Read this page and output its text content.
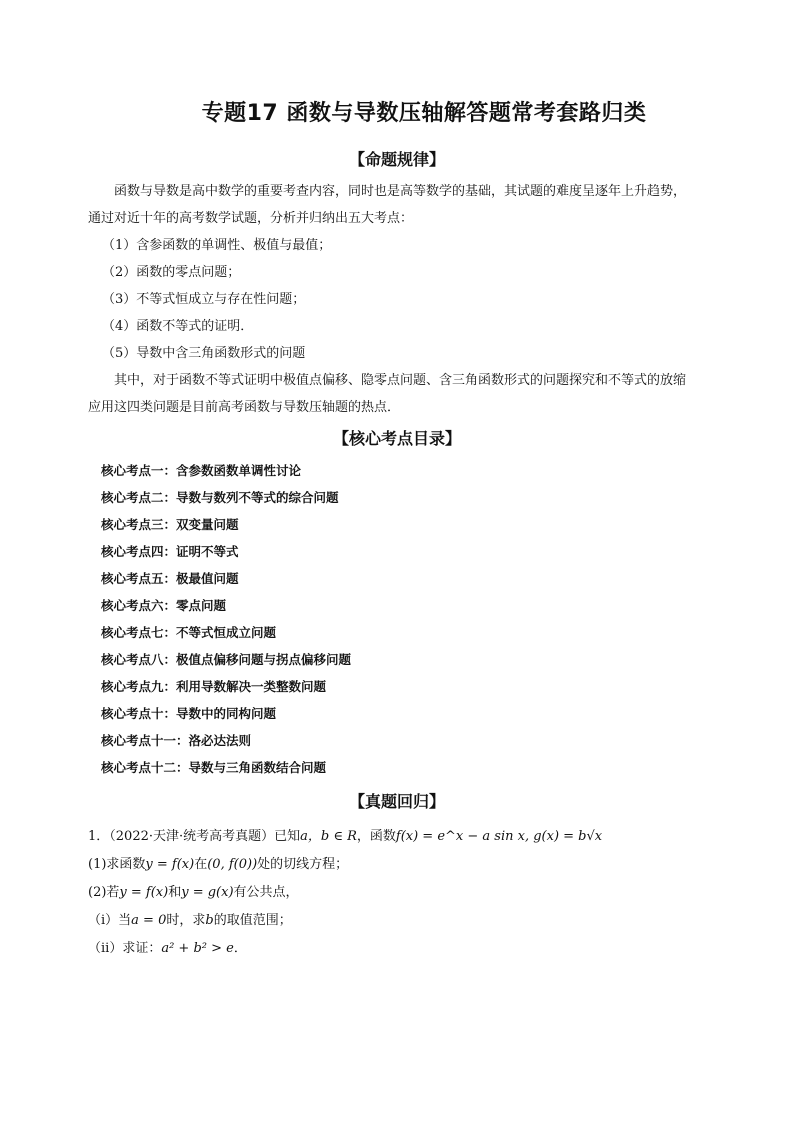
专题17 函数与导数压轴解答题常考套路归类
【命题规律】
函数与导数是高中数学的重要考查内容，同时也是高等数学的基础，其试题的难度呈逐年上升趋势，
通过对近十年的高考数学试题，分析并归纳出五大考点：
（1）含参函数的单调性、极值与最值；
（2）函数的零点问题；
（3）不等式恒成立与存在性问题；
（4）函数不等式的证明．
（5）导数中含三角函数形式的问题
其中，对于函数不等式证明中极值点偏移、隐零点问题、含三角函数形式的问题探究和不等式的放缩
应用这四类问题是目前高考函数与导数压轴题的热点．
【核心考点目录】
核心考点一：含参数函数单调性讨论
核心考点二：导数与数列不等式的综合问题
核心考点三：双变量问题
核心考点四：证明不等式
核心考点五：极最值问题
核心考点六：零点问题
核心考点七：不等式恒成立问题
核心考点八：极值点偏移问题与拐点偏移问题
核心考点九：利用导数解决一类整数问题
核心考点十：导数中的同构问题
核心考点十一：洛必达法则
核心考点十二：导数与三角函数结合问题
【真题回归】
1．（2022·天津·统考高考真题）已知a，b ∈ R，函数f(x) = e^x − a sin x, g(x) = b√x
(1)求函数y = f(x)在(0, f(0))处的切线方程；
(2)若y = f(x)和y = g(x)有公共点，
（i）当a = 0时，求b的取值范围；
（ii）求证：a² + b² > e．
